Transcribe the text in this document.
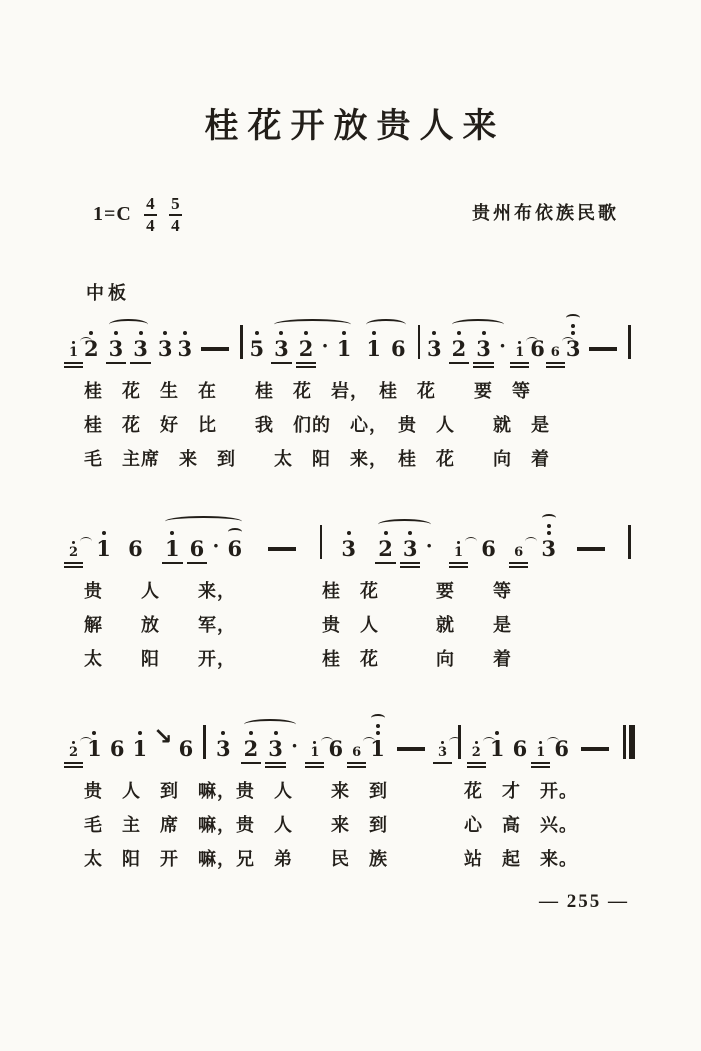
桂花开放贵人来
$1=C \frac{4}{4} \frac{5}{4}$	贵州布依族民歌
中板
1 2 3 3 3 3	5 3 2 · 1 1 6 3 2 3 · 1 6 6 3
桂　花　生　在　　桂　花　岩，　桂　花　　要　等
桂　花　好　比　　我　们的　心，　贵　人　　就　是
毛　主席　来　到　　太　阳　来，　桂　花　　向　着
2 1 6 1 6 · 6	3 2 3 · 1 6 6 3
贵　　人　　来，　　　　　桂　花　　　要　　等
解　　放　　军，　　　　　贵　人　　　就　　是
太　　阳　　开，　　　　　桂　花　　　向　　着
2 1 6 1 ↘ 6 3 2 3 · 1 6 6 1	3 2 1 6 1 6
贵　人　到　嘛，贵　人　　来　到　　　　花　才　开。
毛　主　席　嘛，贵　人　　来　到　　　　心　高　兴。
太　阳　开　嘛，兄　弟　　民　族　　　　站　起　来。
— 255 —
